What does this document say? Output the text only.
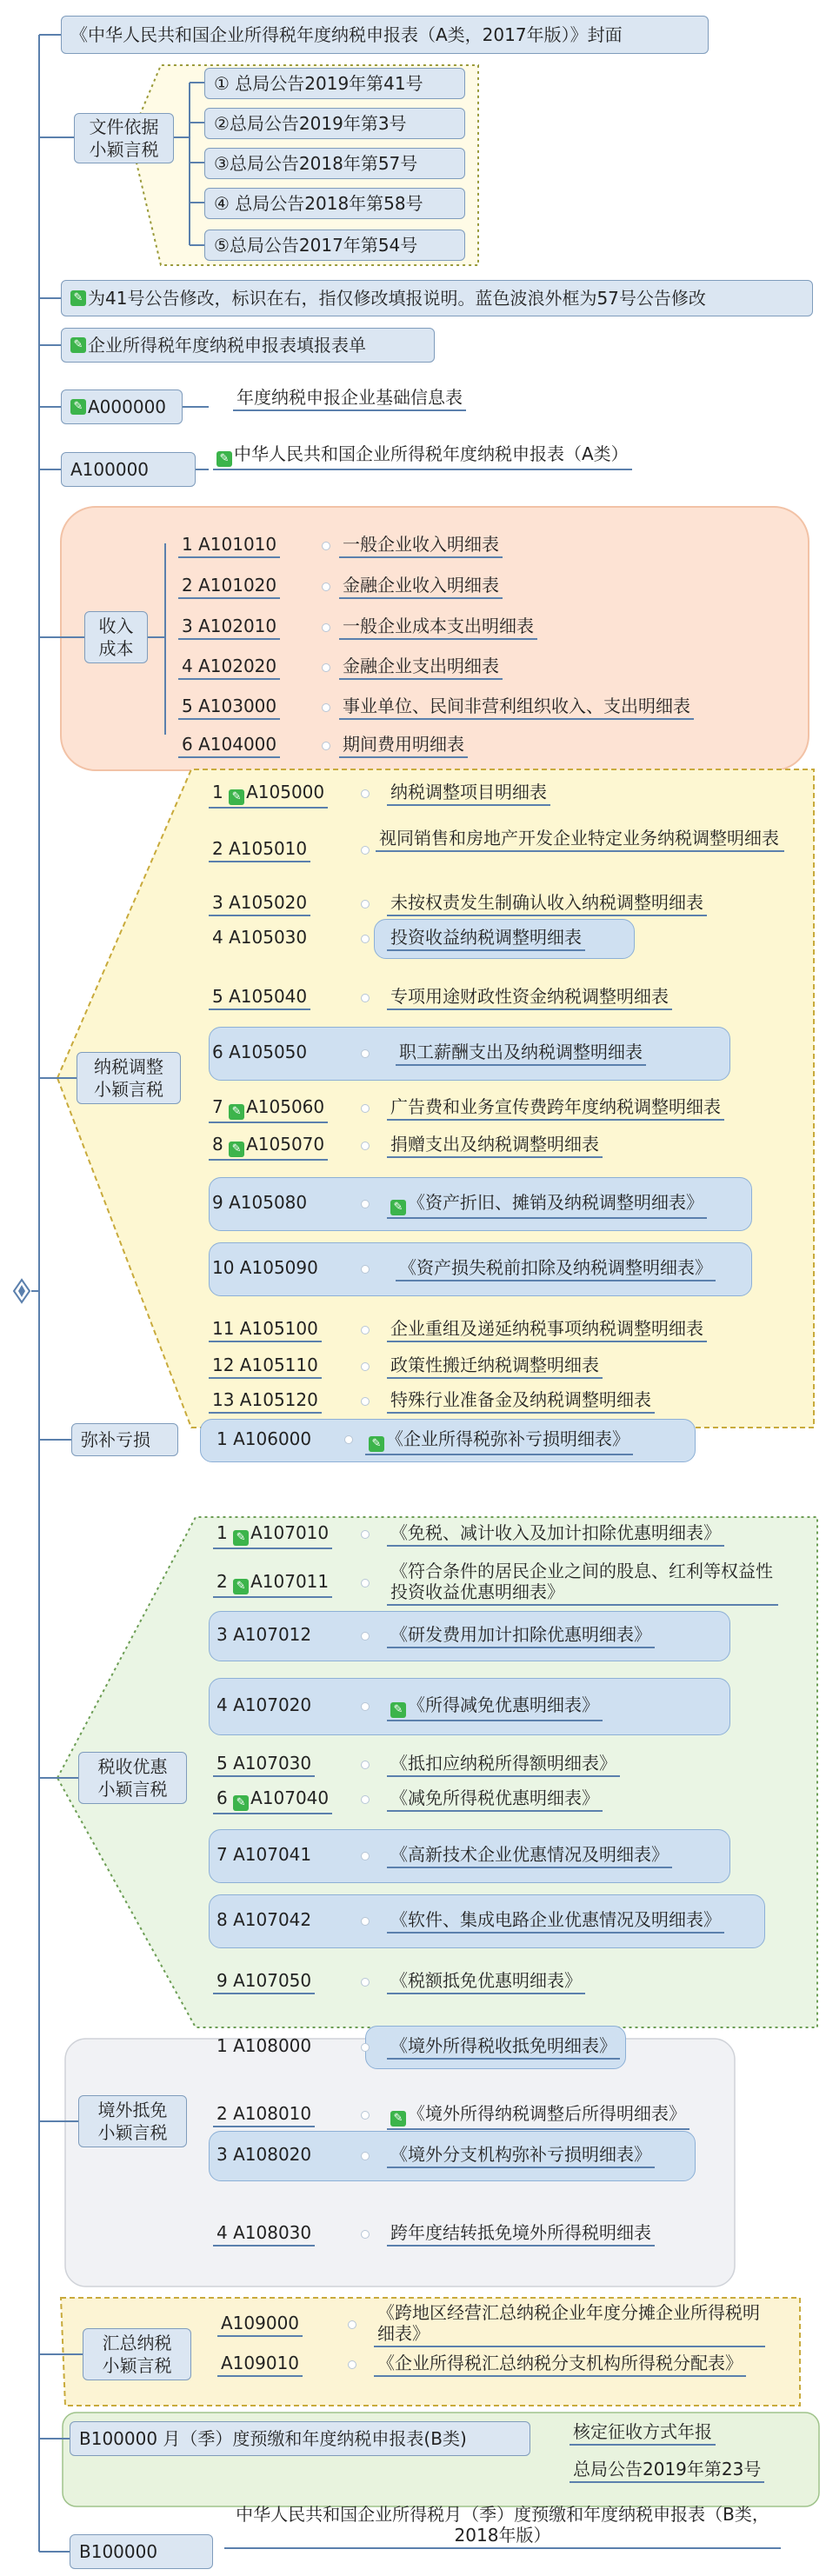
《中华人民共和国企业所得税年度纳税申报表（A类，2017年版）》封面
文件依据
小颖言税
① 总局公告2019年第41号
②总局公告2019年第3号
③总局公告2018年第57号
④ 总局公告2018年第58号
⑤总局公告2017年第54号
✎ 为41号公告修改，标识在右，指仅修改填报说明。蓝色波浪外框为57号公告修改
✎ 企业所得税年度纳税申报表填报表单
✎ A000000	年度纳税申报企业基础信息表
A100000
✎ 中华人民共和国企业所得税年度纳税申报表（A类）
收入
成本
1 A101010	一般企业收入明细表
2 A101020	金融企业收入明细表
3 A102010	一般企业成本支出明细表
4 A102020	金融企业支出明细表
5 A103000	事业单位、民间非营利组织收入、支出明细表
6 A104000	期间费用明细表
纳税调整
小颖言税
1 ✎ A105000	纳税调整项目明细表
2 A105010	视同销售和房地产开发企业特定业务纳税调整明细表
3 A105020	未按权责发生制确认收入纳税调整明细表
4 A105030	投资收益纳税调整明细表
5 A105040	专项用途财政性资金纳税调整明细表
6 A105050	职工薪酬支出及纳税调整明细表
7 ✎ A105060	广告费和业务宣传费跨年度纳税调整明细表
8 ✎ A105070	捐赠支出及纳税调整明细表
9 A105080	✎ 《资产折旧、摊销及纳税调整明细表》
10 A105090	《资产损失税前扣除及纳税调整明细表》
11 A105100	企业重组及递延纳税事项纳税调整明细表
12 A105110	政策性搬迁纳税调整明细表
13 A105120	特殊行业准备金及纳税调整明细表
弥补亏损	1 A106000	✎ 《企业所得税弥补亏损明细表》
税收优惠
小颖言税
1 ✎ A107010	《免税、减计收入及加计扣除优惠明细表》
2 ✎ A107011	《符合条件的居民企业之间的股息、红利等权益性投资收益优惠明细表》
3 A107012	《研发费用加计扣除优惠明细表》
4 A107020	✎ 《所得减免优惠明细表》
5 A107030	《抵扣应纳税所得额明细表》
6 ✎ A107040	《减免所得税优惠明细表》
7 A107041	《高新技术企业优惠情况及明细表》
8 A107042	《软件、集成电路企业优惠情况及明细表》
9 A107050	《税额抵免优惠明细表》
境外抵免
小颖言税
1 A108000	《境外所得税收抵免明细表》
2 A108010	✎ 《境外所得纳税调整后所得明细表》
3 A108020	《境外分支机构弥补亏损明细表》
4 A108030	跨年度结转抵免境外所得税明细表
汇总纳税
小颖言税
A109000	《跨地区经营汇总纳税企业年度分摊企业所得税明细表》
A109010	《企业所得税汇总纳税分支机构所得税分配表》
B100000 月（季）度预缴和年度纳税申报表(B类)	核定征收方式年报
总局公告2019年第23号
B100000
中华人民共和国企业所得税月（季）度预缴和年度纳税申报表（B类，2018年版）
